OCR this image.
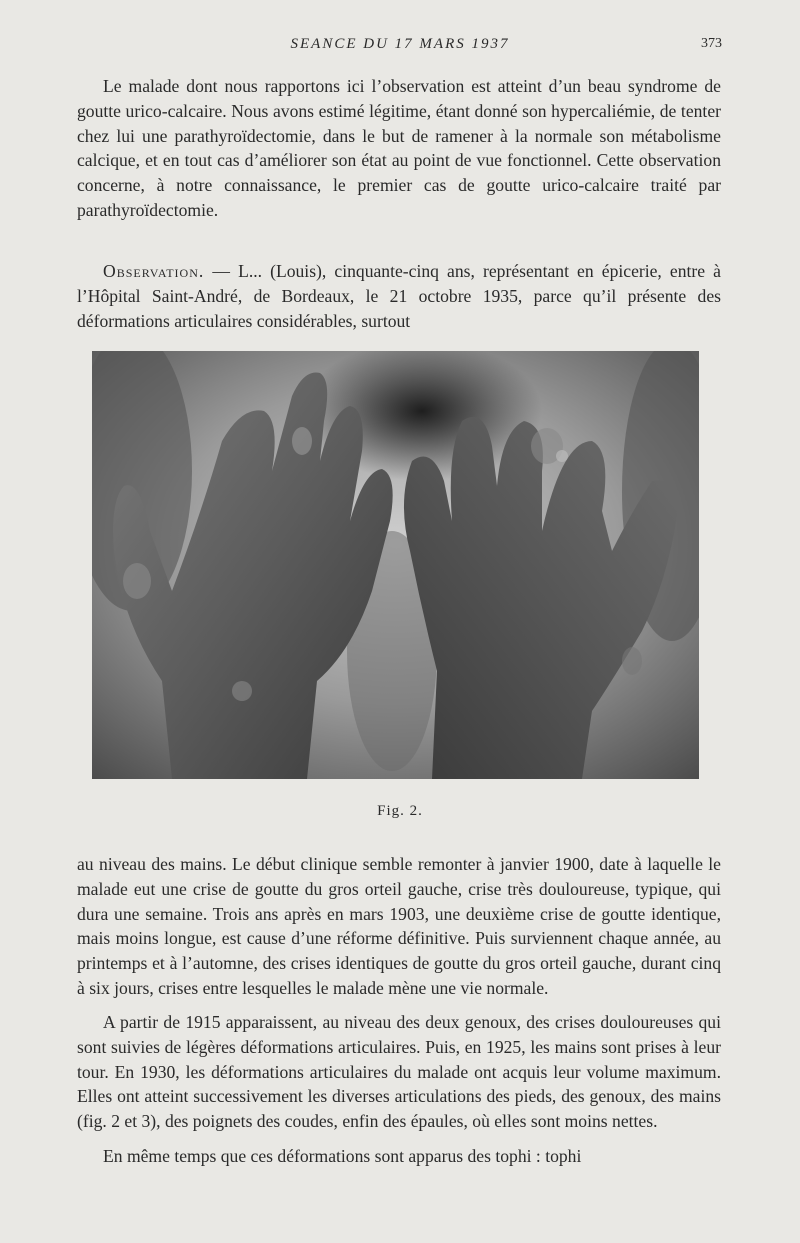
SEANCE DU 17 MARS 1937	373

Le malade dont nous rapportons ici l’observation est atteint d’un beau syndrome de goutte urico-calcaire. Nous avons estimé légitime, étant donné son hypercaliémie, de tenter chez lui une parathyroïdectomie, dans le but de ramener à la normale son métabolisme calcique, et en tout cas d’améliorer son état au point de vue fonctionnel. Cette observation concerne, à notre connaissance, le premier cas de goutte urico-calcaire traité par parathyroïdectomie.

Observation. — L... (Louis), cinquante-cinq ans, représentant en épicerie, entre à l’Hôpital Saint-André, de Bordeaux, le 21 octobre 1935, parce qu’il présente des déformations articulaires considérables, surtout

Fig. 2.

au niveau des mains. Le début clinique semble remonter à janvier 1900, date à laquelle le malade eut une crise de goutte du gros orteil gauche, crise très douloureuse, typique, qui dura une semaine. Trois ans après en mars 1903, une deuxième crise de goutte identique, mais moins longue, est cause d’une réforme définitive. Puis surviennent chaque année, au printemps et à l’automne, des crises identiques de goutte du gros orteil gauche, durant cinq à six jours, crises entre lesquelles le malade mène une vie normale.

A partir de 1915 apparaissent, au niveau des deux genoux, des crises douloureuses qui sont suivies de légères déformations articulaires. Puis, en 1925, les mains sont prises à leur tour. En 1930, les déformations articulaires du malade ont acquis leur volume maximum. Elles ont atteint successivement les diverses articulations des pieds, des genoux, des mains (fig. 2 et 3), des poignets des coudes, enfin des épaules, où elles sont moins nettes.

En même temps que ces déformations sont apparus des tophi : tophi
